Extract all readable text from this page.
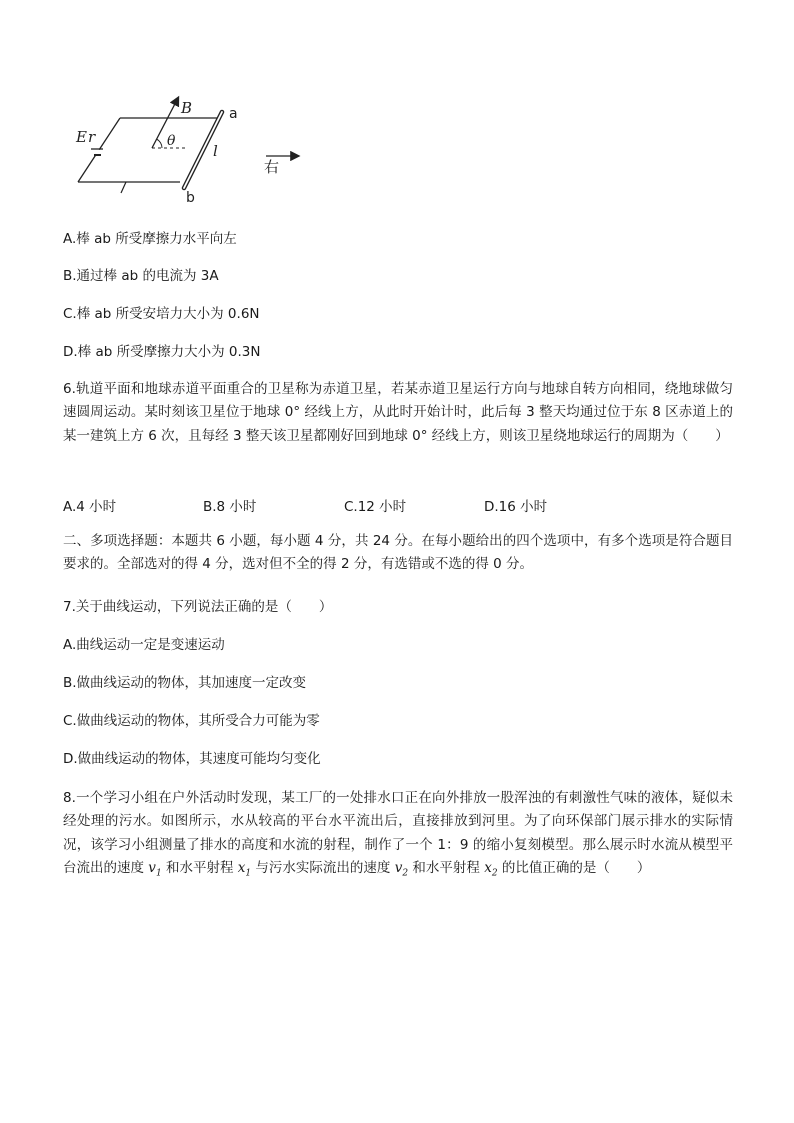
E r
B
θ
l
a
b
右
A.棒 ab 所受摩擦力水平向左
B.通过棒 ab 的电流为 3A
C.棒 ab 所受安培力大小为 0.6N
D.棒 ab 所受摩擦力大小为 0.3N
6.轨道平面和地球赤道平面重合的卫星称为赤道卫星，若某赤道卫星运行方向与地球自转方向相同，绕地球做匀速圆周运动。某时刻该卫星位于地球 0° 经线上方，从此时开始计时，此后每 3 整天均通过位于东 8 区赤道上的某一建筑上方 6 次，且每经 3 整天该卫星都刚好回到地球 0° 经线上方，则该卫星绕地球运行的周期为（　　）
A.4 小时	B.8 小时	C.12 小时	D.16 小时
二、多项选择题：本题共 6 小题，每小题 4 分，共 24 分。在每小题给出的四个选项中，有多个选项是符合题目要求的。全部选对的得 4 分，选对但不全的得 2 分，有选错或不选的得 0 分。
7.关于曲线运动，下列说法正确的是（　　）
A.曲线运动一定是变速运动
B.做曲线运动的物体，其加速度一定改变
C.做曲线运动的物体，其所受合力可能为零
D.做曲线运动的物体，其速度可能均匀变化
8.一个学习小组在户外活动时发现，某工厂的一处排水口正在向外排放一股浑浊的有刺激性气味的液体，疑似未经处理的污水。如图所示，水从较高的平台水平流出后，直接排放到河里。为了向环保部门展示排水的实际情况，该学习小组测量了排水的高度和水流的射程，制作了一个 1：9 的缩小复刻模型。那么展示时水流从模型平台流出的速度 $v_1$ 和水平射程 $x_1$ 与污水实际流出的速度 $v_2$ 和水平射程 $x_2$ 的比值正确的是（　　）
